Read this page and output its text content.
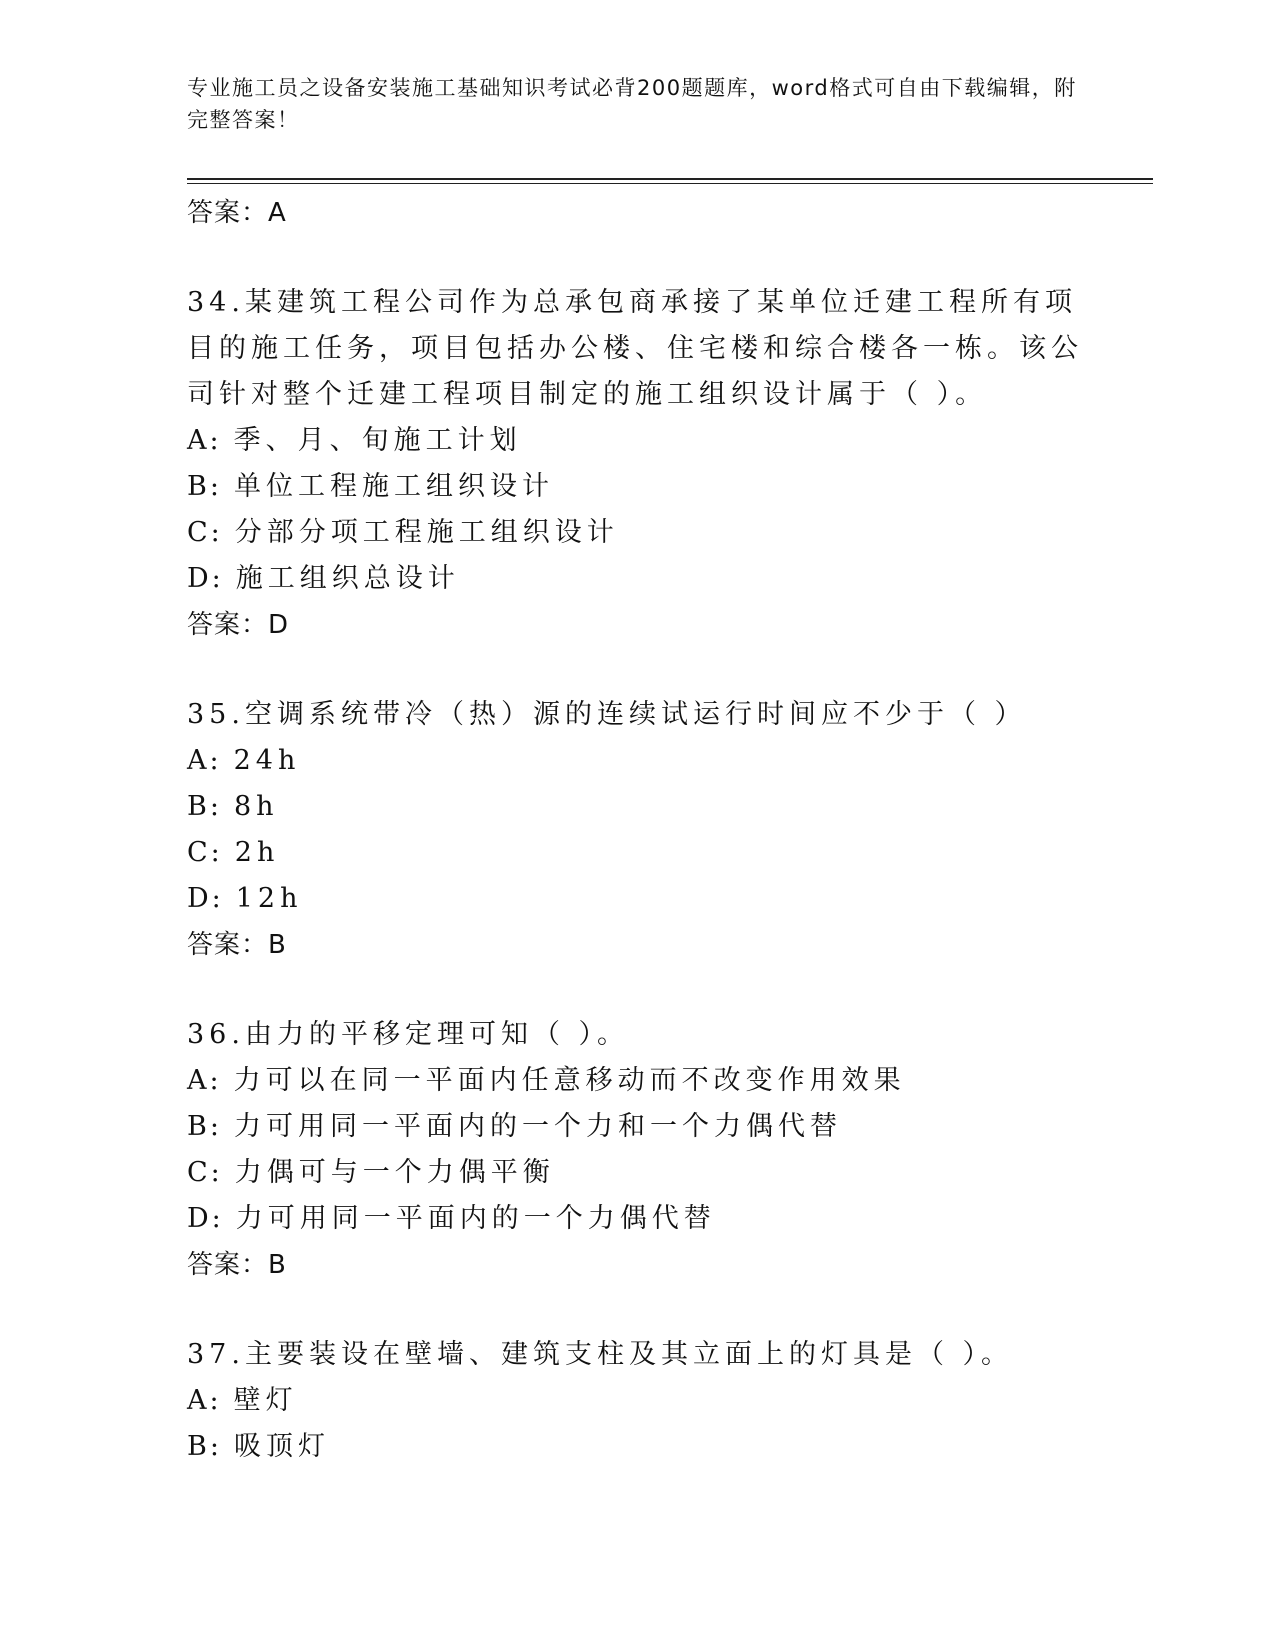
专业施工员之设备安装施工基础知识考试必背200题题库，word格式可自由下载编辑，附完整答案！
答案：A
34.某建筑工程公司作为总承包商承接了某单位迁建工程所有项目的施工任务，项目包括办公楼、住宅楼和综合楼各一栋。该公司针对整个迁建工程项目制定的施工组织设计属于（ ）。
A: 季、月、旬施工计划
B: 单位工程施工组织设计
C: 分部分项工程施工组织设计
D: 施工组织总设计
答案：D
35.空调系统带冷（热）源的连续试运行时间应不少于（ ）
A: 24h
B: 8h
C: 2h
D: 12h
答案：B
36.由力的平移定理可知（ ）。
A: 力可以在同一平面内任意移动而不改变作用效果
B: 力可用同一平面内的一个力和一个力偶代替
C: 力偶可与一个力偶平衡
D: 力可用同一平面内的一个力偶代替
答案：B
37.主要装设在壁墙、建筑支柱及其立面上的灯具是（ ）。
A: 壁灯
B: 吸顶灯
